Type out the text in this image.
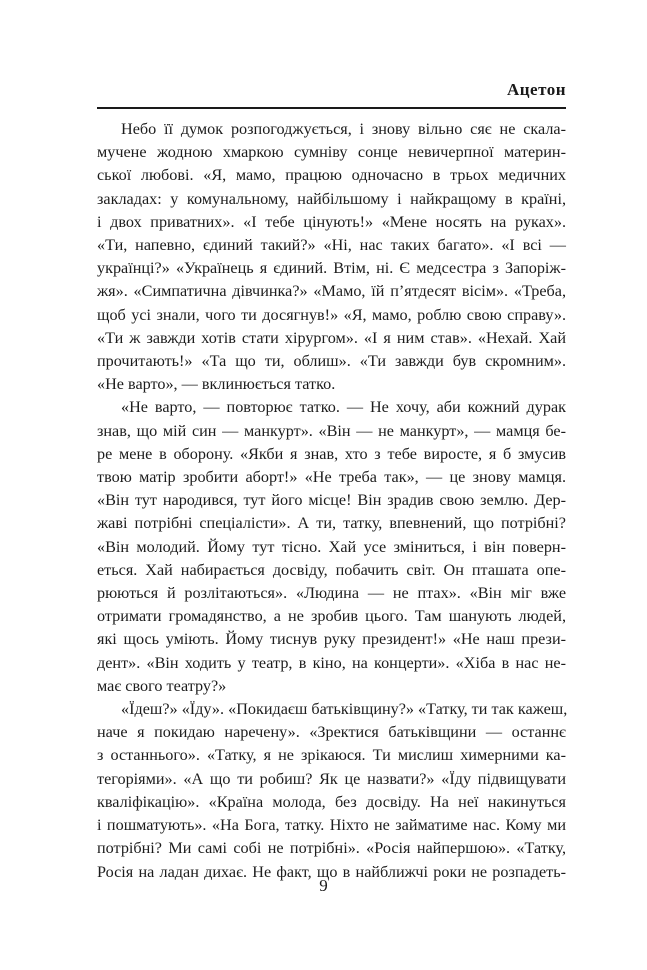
Ацетон

Небо її думок розпогоджується, і знову вільно сяє не скала-
мучене жодною хмаркою сумніву сонце невичерпної материн-
ської любові. «Я, мамо, працюю одночасно в трьох медичних
закладах: у комунальному, найбільшому і найкращому в країні,
і двох приватних». «І тебе цінують!» «Мене носять на руках».
«Ти, напевно, єдиний такий?» «Ні, нас таких багато». «І всі —
українці?» «Українець я єдиний. Втім, ні. Є медсестра з Запоріж-
жя». «Симпатична дівчинка?» «Мамо, їй п’ятдесят вісім». «Треба,
щоб усі знали, чого ти досягнув!» «Я, мамо, роблю свою справу».
«Ти ж завжди хотів стати хірургом». «І я ним став». «Нехай. Хай
прочитають!» «Та що ти, облиш». «Ти завжди був скромним».
«Не варто», — вклинюється татко.

«Не варто, — повторює татко. — Не хочу, аби кожний дурак
знав, що мій син — манкурт». «Він — не манкурт», — мамця бе-
ре мене в оборону. «Якби я знав, хто з тебе виросте, я б змусив
твою матір зробити аборт!» «Не треба так», — це знову мамця.
«Він тут народився, тут його місце! Він зрадив свою землю. Дер-
жаві потрібні спеціалісти». А ти, татку, впевнений, що потрібні?
«Він молодий. Йому тут тісно. Хай усе зміниться, і він поверн-
еться. Хай набирається досвіду, побачить світ. Он пташата опе-
рюються й розлітаються». «Людина — не птах». «Він міг вже
отримати громадянство, а не зробив цього. Там шанують людей,
які щось уміють. Йому тиснув руку президент!» «Не наш прези-
дент». «Він ходить у театр, в кіно, на концерти». «Хіба в нас не-
має свого театру?»

«Їдеш?» «Їду». «Покидаєш батьківщину?» «Татку, ти так кажеш,
наче я покидаю наречену». «Зректися батьківщини — останнє
з останнього». «Татку, я не зрікаюся. Ти мислиш химерними ка-
тегоріями». «А що ти робиш? Як це назвати?» «Їду підвищувати
кваліфікацію». «Країна молода, без досвіду. На неї накинуться
і пошматують». «На Бога, татку. Ніхто не займатиме нас. Кому ми
потрібні? Ми самі собі не потрібні». «Росія найпершою». «Татку,
Росія на ладан дихає. Не факт, що в найближчі роки не розпадеть-

9
